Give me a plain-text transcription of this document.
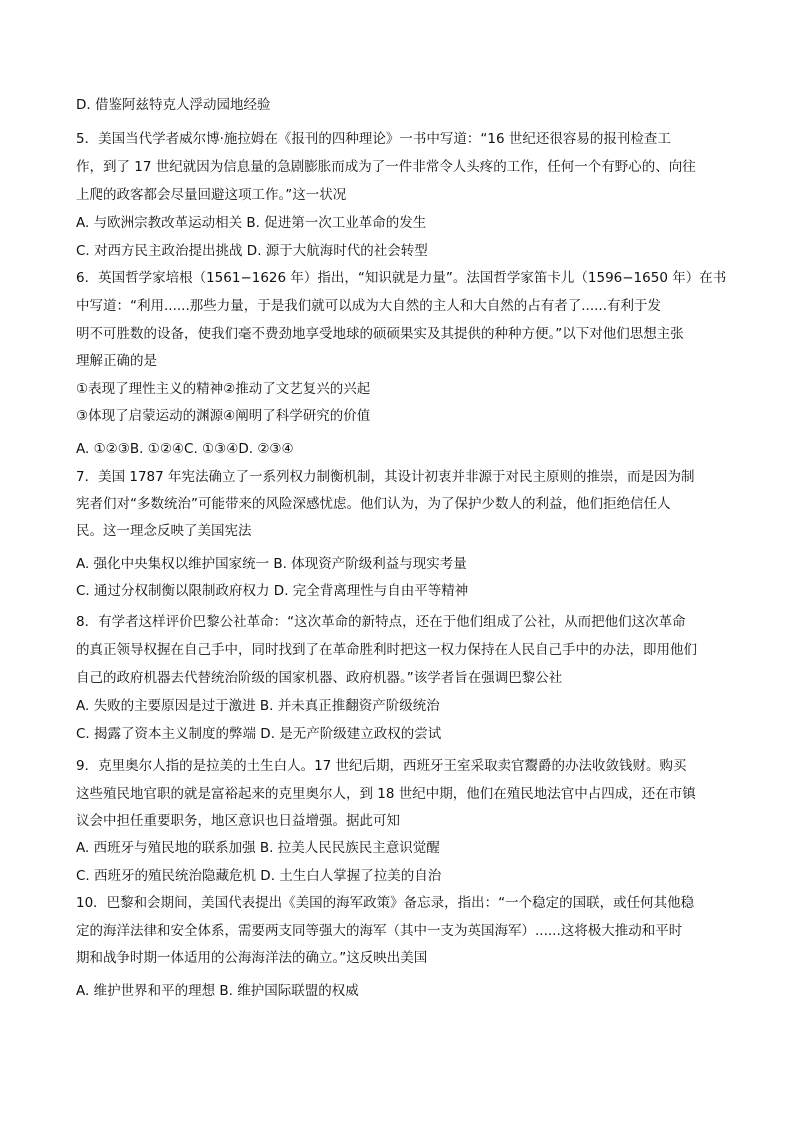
D. 借鉴阿兹特克人浮动园地经验
5．美国当代学者威尔博·施拉姆在《报刊的四种理论》一书中写道：“16 世纪还很容易的报刊检查工
作，到了 17 世纪就因为信息量的急剧膨胀而成为了一件非常令人头疼的工作，任何一个有野心的、向往
上爬的政客都会尽量回避这项工作。”这一状况
A. 与欧洲宗教改革运动相关 B. 促进第一次工业革命的发生
C. 对西方民主政治提出挑战 D. 源于大航海时代的社会转型
6．英国哲学家培根（1561−1626 年）指出，“知识就是力量”。法国哲学家笛卡儿（1596−1650 年）在书
中写道：“利用......那些力量，于是我们就可以成为大自然的主人和大自然的占有者了......有利于发
明不可胜数的设备，使我们毫不费劲地享受地球的硕硕果实及其提供的种种方便。”以下对他们思想主张
理解正确的是
①表现了理性主义的精神②推动了文艺复兴的兴起
③体现了启蒙运动的渊源④阐明了科学研究的价值
A. ①②③B. ①②④C. ①③④D. ②③④
7．美国 1787 年宪法确立了一系列权力制衡机制，其设计初衷并非源于对民主原则的推崇，而是因为制
宪者们对“多数统治”可能带来的风险深感忧虑。他们认为，为了保护少数人的利益，他们拒绝信任人
民。这一理念反映了美国宪法
A. 强化中央集权以维护国家统一 B. 体现资产阶级利益与现实考量
C. 通过分权制衡以限制政府权力 D. 完全背离理性与自由平等精神
8．有学者这样评价巴黎公社革命：“这次革命的新特点，还在于他们组成了公社，从而把他们这次革命
的真正领导权握在自己手中，同时找到了在革命胜利时把这一权力保持在人民自己手中的办法，即用他们
自己的政府机器去代替统治阶级的国家机器、政府机器。”该学者旨在强调巴黎公社
A. 失败的主要原因是过于激进 B. 并未真正推翻资产阶级统治
C. 揭露了资本主义制度的弊端 D. 是无产阶级建立政权的尝试
9．克里奥尔人指的是拉美的土生白人。17 世纪后期，西班牙王室采取卖官鬻爵的办法收敛钱财。购买
这些殖民地官职的就是富裕起来的克里奥尔人，到 18 世纪中期，他们在殖民地法官中占四成，还在市镇
议会中担任重要职务，地区意识也日益增强。据此可知
A. 西班牙与殖民地的联系加强 B. 拉美人民民族民主意识觉醒
C. 西班牙的殖民统治隐藏危机 D. 土生白人掌握了拉美的自治
10．巴黎和会期间，美国代表提出《美国的海军政策》备忘录，指出：“一个稳定的国联，或任何其他稳
定的海洋法律和安全体系，需要两支同等强大的海军（其中一支为英国海军）......这将极大推动和平时
期和战争时期一体适用的公海海洋法的确立。”这反映出美国
A. 维护世界和平的理想 B. 维护国际联盟的权威
